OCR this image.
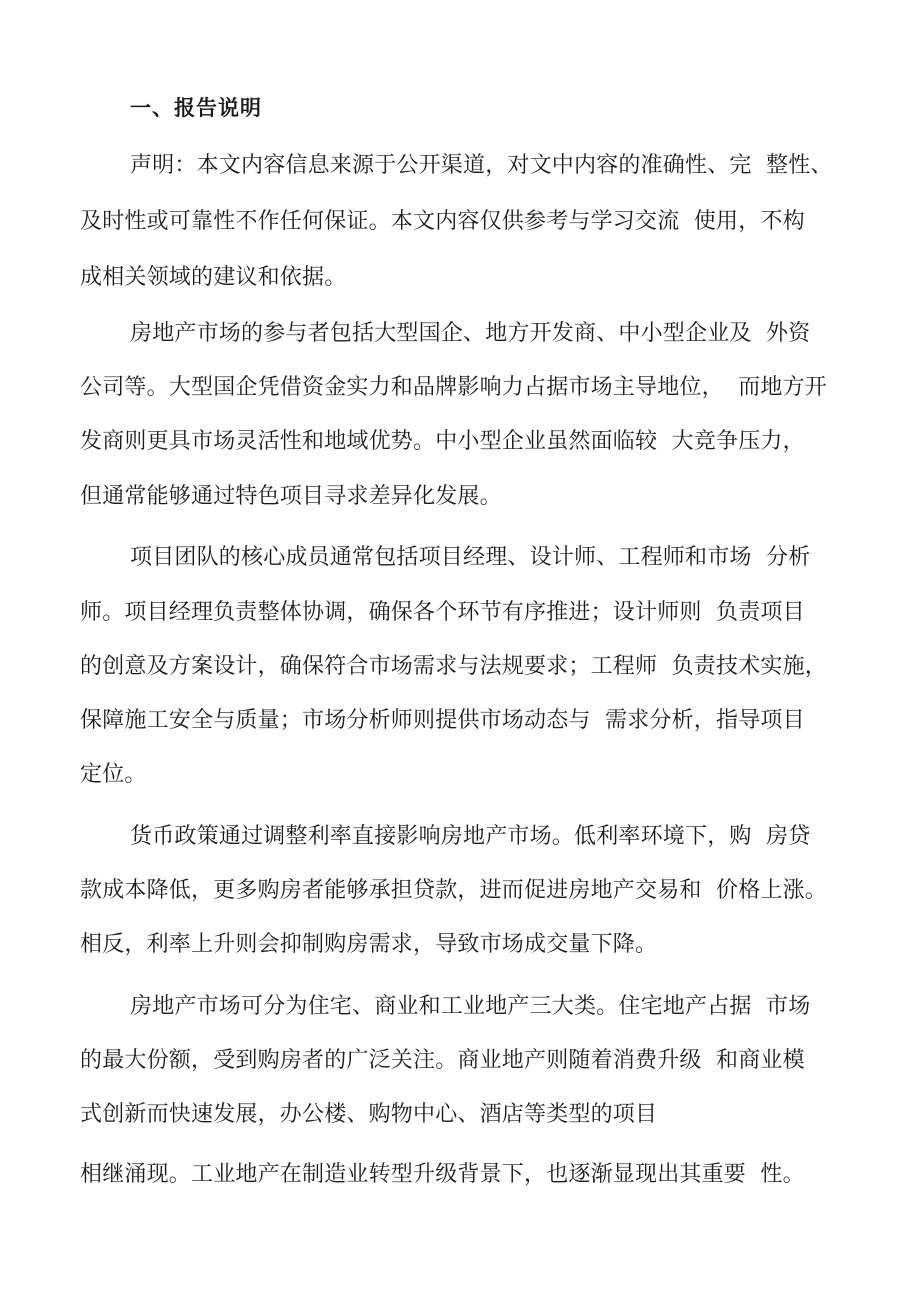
一、报告说明
声明：本文内容信息来源于公开渠道，对文中内容的准确性、完  整性、
及时性或可靠性不作任何保证。本文内容仅供参考与学习交流  使用，不构
成相关领域的建议和依据。
房地产市场的参与者包括大型国企、地方开发商、中小型企业及  外资
公司等。大型国企凭借资金实力和品牌影响力占据市场主导地位，  而地方开
发商则更具市场灵活性和地域优势。中小型企业虽然面临较  大竞争压力，
但通常能够通过特色项目寻求差异化发展。
项目团队的核心成员通常包括项目经理、设计师、工程师和市场  分析
师。项目经理负责整体协调，确保各个环节有序推进；设计师则  负责项目
的创意及方案设计，确保符合市场需求与法规要求；工程师  负责技术实施，
保障施工安全与质量；市场分析师则提供市场动态与  需求分析，指导项目
定位。
货币政策通过调整利率直接影响房地产市场。低利率环境下，购  房贷
款成本降低，更多购房者能够承担贷款，进而促进房地产交易和  价格上涨。
相反，利率上升则会抑制购房需求，导致市场成交量下降。
房地产市场可分为住宅、商业和工业地产三大类。住宅地产占据  市场
的最大份额，受到购房者的广泛关注。商业地产则随着消费升级  和商业模
式创新而快速发展，办公楼、购物中心、酒店等类型的项目
相继涌现。工业地产在制造业转型升级背景下，也逐渐显现出其重要  性。
